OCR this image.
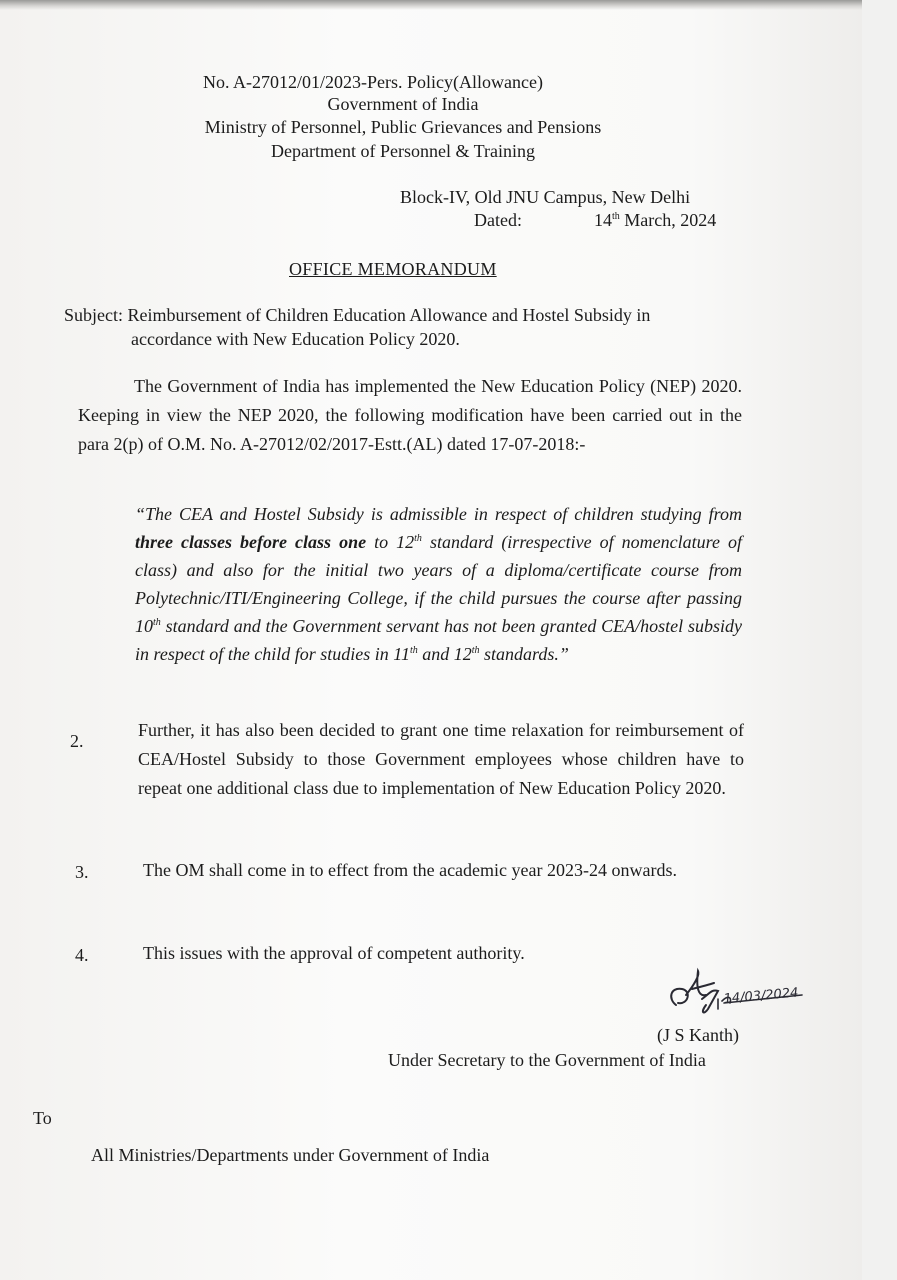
No. A-27012/01/2023-Pers. Policy(Allowance)
Government of India
Ministry of Personnel, Public Grievances and Pensions
Department of Personnel & Training
Block-IV, Old JNU Campus, New Delhi
Dated:	14th March, 2024
OFFICE MEMORANDUM
Subject: Reimbursement of Children Education Allowance and Hostel Subsidy in
accordance with New Education Policy 2020.
The Government of India has implemented the New Education Policy (NEP) 2020. Keeping in view the NEP 2020, the following modification have been carried out in the para 2(p) of O.M. No. A-27012/02/2017-Estt.(AL) dated 17-07-2018:-
“The CEA and Hostel Subsidy is admissible in respect of children studying from three classes before class one to 12th standard (irrespective of nomenclature of class) and also for the initial two years of a diploma/certificate course from Polytechnic/ITI/Engineering College, if the child pursues the course after passing 10th standard and the Government servant has not been granted CEA/hostel subsidy in respect of the child for studies in 11th and 12th standards.”
2.
Further, it has also been decided to grant one time relaxation for reimbursement of CEA/Hostel Subsidy to those Government employees whose children have to repeat one additional class due to implementation of New Education Policy 2020.
3.	The OM shall come in to effect from the academic year 2023-24 onwards.
4.	This issues with the approval of competent authority.
14/03/2024
(J S Kanth)
Under Secretary to the Government of India
To
All Ministries/Departments under Government of India
